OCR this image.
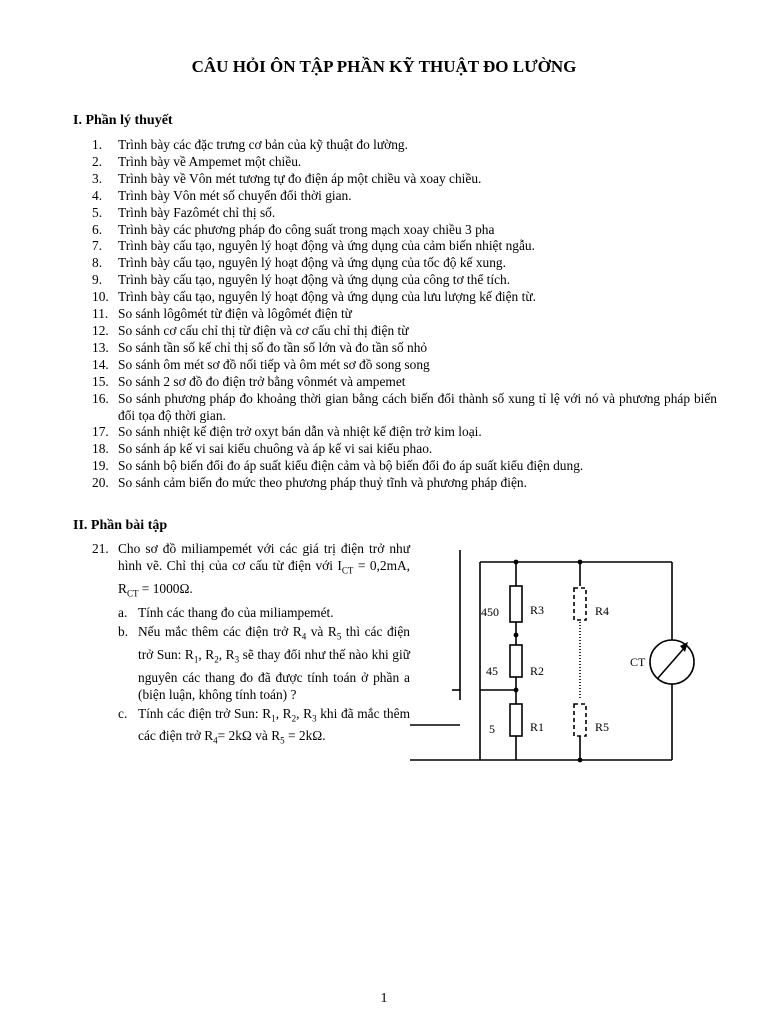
CÂU HỎI ÔN TẬP PHẦN KỸ THUẬT ĐO LƯỜNG
I. Phần lý thuyết
1.	Trình bày các đặc trưng cơ bản của kỹ thuật đo lường.
2.	Trình bày về Ampemet một chiều.
3.	Trình bày về Vôn mét tương tự đo điện áp một chiều và xoay chiều.
4.	Trình bày Vôn mét số chuyển đổi thời gian.
5.	Trình bày Fazômét chỉ thị số.
6.	Trình bày các phương pháp đo công suất trong mạch xoay chiều 3 pha
7.	Trình bày cấu tạo, nguyên lý hoạt động và ứng dụng của cảm biến nhiệt ngẫu.
8.	Trình bày cấu tạo, nguyên lý hoạt động và ứng dụng của tốc độ kế xung.
9.	Trình bày cấu tạo, nguyên lý hoạt động và ứng dụng của công tơ thể tích.
10. Trình bày cấu tạo, nguyên lý hoạt động và ứng dụng của lưu lượng kế điện từ.
11. So sánh lôgômét từ điện và lôgômét điện từ
12. So sánh cơ cấu chỉ thị từ điện và cơ cấu chỉ thị điện từ
13. So sánh tần số kế chỉ thị số đo tần số lớn và đo tần số nhỏ
14. So sánh ôm mét sơ đồ nối tiếp và ôm mét sơ đồ song song
15. So sánh 2 sơ đồ đo điện trở bằng vônmét và ampemet
16. So sánh phương pháp đo khoảng thời gian bằng cách biến đổi thành số xung tỉ lệ với nó và phương pháp biến đổi tọa độ thời gian.
17. So sánh nhiệt kế điện trở oxyt bán dẫn và nhiệt kế điện trở kim loại.
18. So sánh áp kế vi sai kiểu chuông và áp kế vi sai kiểu phao.
19. So sánh bộ biến đổi đo áp suất kiểu điện cảm và bộ biến đổi đo áp suất kiểu điện dung.
20. So sánh cảm biến đo mức theo phương pháp thuỷ tĩnh và phương pháp điện.
II. Phần bài tập
21. Cho sơ đồ miliampemét với các giá trị điện trở như hình vẽ. Chỉ thị của cơ cấu từ điện với $I_{CT} = 0,2mA$, $R_{CT} = 1000\Omega$.
a. Tính các thang đo của miliampemét.
b. Nếu mắc thêm các điện trở $R_4$ và $R_5$ thì các điện trở Sun: $R_1$, $R_2$, $R_3$ sẽ thay đổi như thế nào khi giữ nguyên các thang đo đã được tính toán ở phần a (biện luận, không tính toán) ?
c. Tính các điện trở Sun: $R_1$, $R_2$, $R_3$ khi đã mắc thêm các điện trở $R_4= 2k\Omega$ và $R_5 = 2k\Omega$.
450	R3
45	R2
5	R1
R4
R5
CT
1
